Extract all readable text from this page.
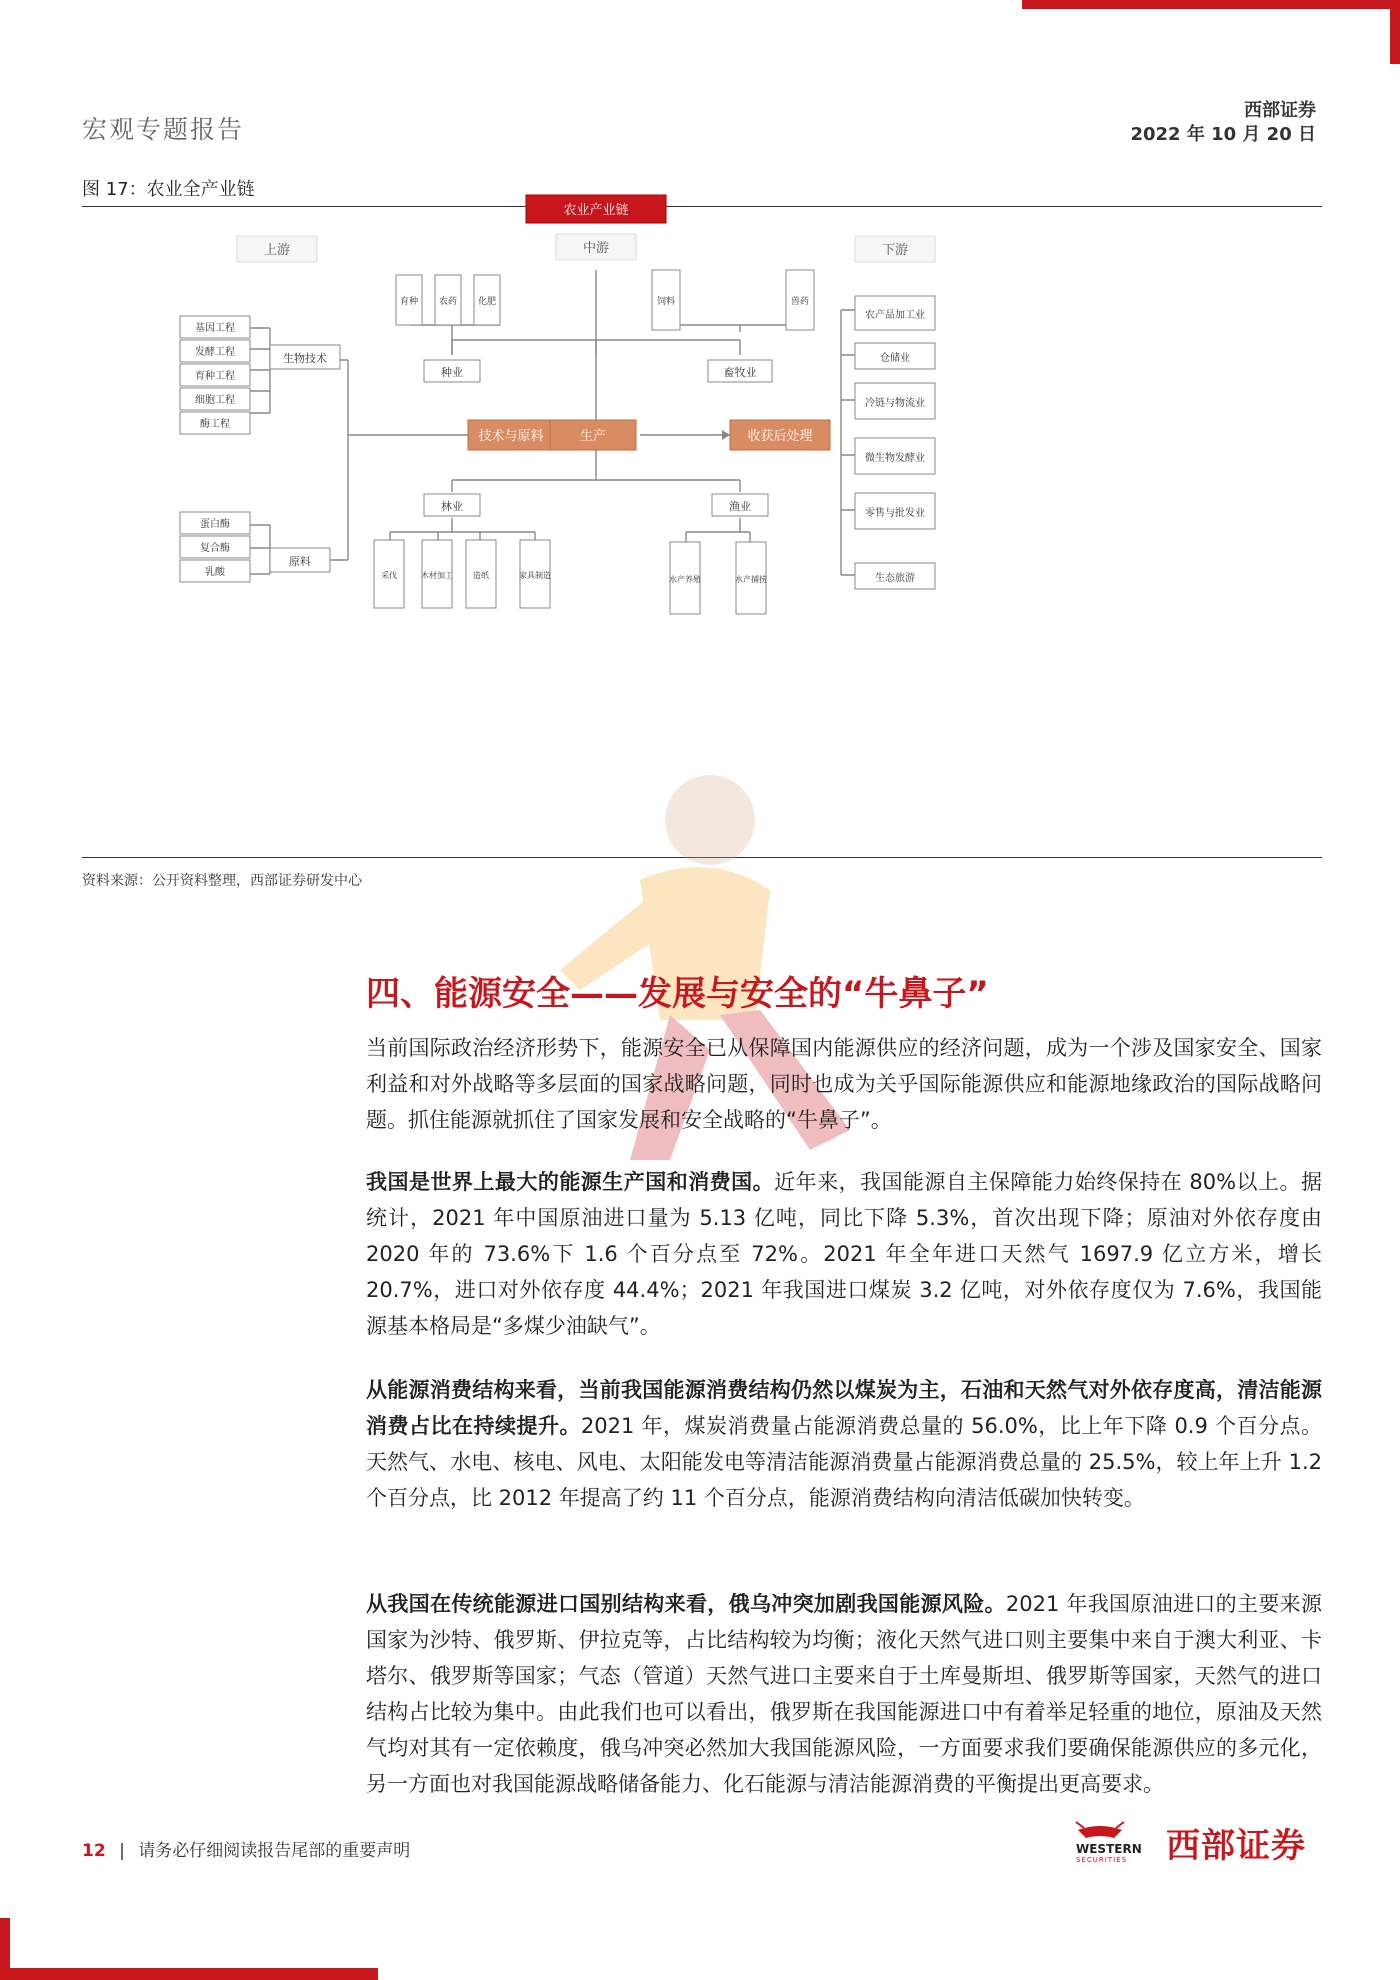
宏观专题报告
西部证券
2022 年 10 月 20 日
图 17：农业全产业链
农业产业链
上游	中游	下游
技术与原料	生产	收获后处理
生物技术
基因工程
发酵工程
育种工程
细胞工程
酶工程
原料
蛋白酶
复合酶
乳酸
种业
育种 农药 化肥
畜牧业
饲料	兽药
林业
采伐	木材加工	造纸	家具制造
渔业
水产养殖	水产捕捞
农产品加工业
仓储业
冷链与物流业
微生物发酵业
零售与批发业
生态旅游
资料来源：公开资料整理，西部证券研发中心
四、能源安全——发展与安全的“牛鼻子”
当前国际政治经济形势下，能源安全已从保障国内能源供应的经济问题，成为一个涉及国家安全、国家利益和对外战略等多层面的国家战略问题，同时也成为关乎国际能源供应和能源地缘政治的国际战略问题。抓住能源就抓住了国家发展和安全战略的“牛鼻子”。
我国是世界上最大的能源生产国和消费国。近年来，我国能源自主保障能力始终保持在 80%以上。据统计，2021 年中国原油进口量为 5.13 亿吨，同比下降 5.3%，首次出现下降；原油对外依存度由 2020 年的 73.6%下 1.6 个百分点至 72%。2021 年全年进口天然气 1697.9 亿立方米，增长 20.7%，进口对外依存度 44.4%；2021 年我国进口煤炭 3.2 亿吨，对外依存度仅为 7.6%，我国能源基本格局是“多煤少油缺气”。
从能源消费结构来看，当前我国能源消费结构仍然以煤炭为主，石油和天然气对外依存度高，清洁能源消费占比在持续提升。2021 年，煤炭消费量占能源消费总量的 56.0%，比上年下降 0.9 个百分点。天然气、水电、核电、风电、太阳能发电等清洁能源消费量占能源消费总量的 25.5%，较上年上升 1.2 个百分点，比 2012 年提高了约 11 个百分点，能源消费结构向清洁低碳加快转变。
从我国在传统能源进口国别结构来看，俄乌冲突加剧我国能源风险。2021 年我国原油进口的主要来源国家为沙特、俄罗斯、伊拉克等，占比结构较为均衡；液化天然气进口则主要集中来自于澳大利亚、卡塔尔、俄罗斯等国家；气态（管道）天然气进口主要来自于土库曼斯坦、俄罗斯等国家，天然气的进口结构占比较为集中。由此我们也可以看出，俄罗斯在我国能源进口中有着举足轻重的地位，原油及天然气均对其有一定依赖度，俄乌冲突必然加大我国能源风险，一方面要求我们要确保能源供应的多元化，另一方面也对我国能源战略储备能力、化石能源与清洁能源消费的平衡提出更高要求。
12 | 请务必仔细阅读报告尾部的重要声明	WESTERN
SECURITIES 西部证券
